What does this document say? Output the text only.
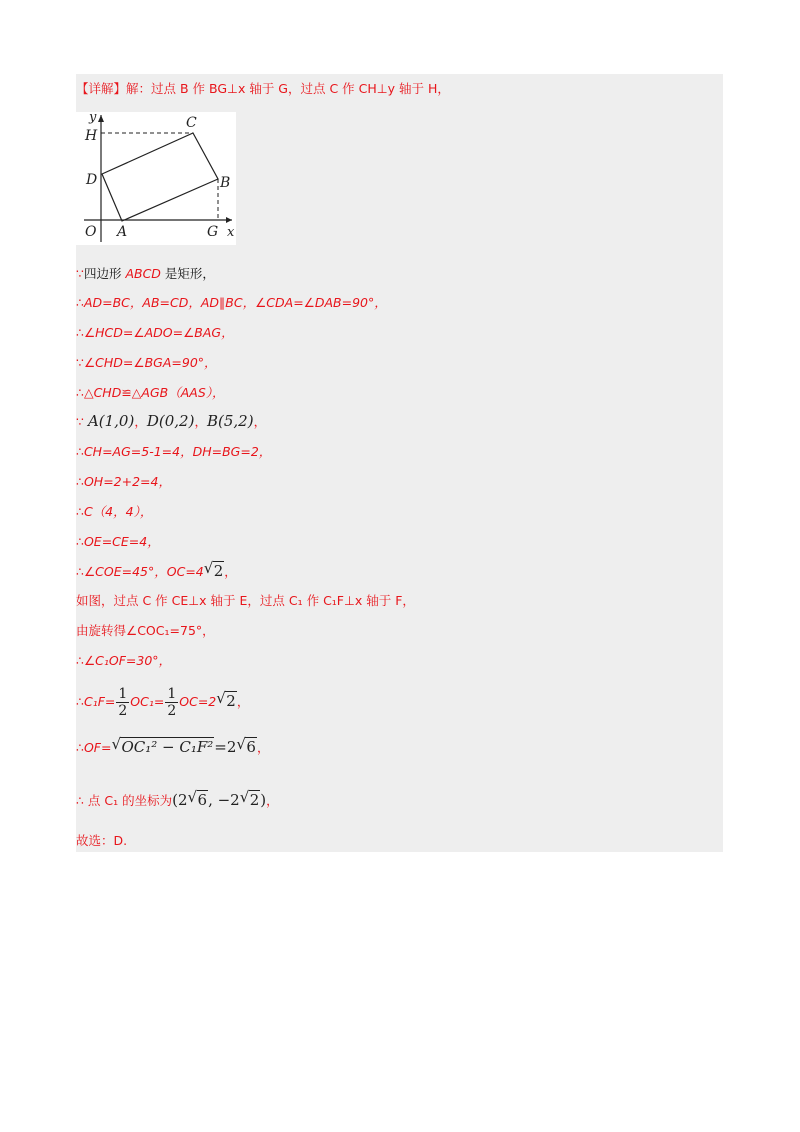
【详解】解：过点 B 作 BG⊥x 轴于 G，过点 C 作 CH⊥y 轴于 H，
y
x
O A	G
H
C
D	B
∵四边形 ABCD 是矩形，
∴AD=BC，AB=CD，AD∥BC，∠CDA=∠DAB=90°，
∴∠HCD=∠ADO=∠BAG，
∵∠CHD=∠BGA=90°，
∴△CHD≌△AGB（AAS），
∵ A(1,0)，D(0,2)，B(5,2)，
∴CH=AG=5-1=4，DH=BG=2，
∴OH=2+2=4，
∴C（4，4），
∴OE=CE=4，
∴∠COE=45°，OC=4 √ 2，
如图，过点 C 作 CE⊥x 轴于 E，过点 C₁ 作 C₁F⊥x 轴于 F，
由旋转得∠COC₁=75°，
∴∠C₁OF=30°，
∴C₁F= $\frac{1}{2} OC_1= \frac{1}{2} OC=2$ √ 2，
∴OF= √ OC₁² − C₁F²=2 √ 6，
∴ 点 C₁ 的坐标为(2 √ 6, −2 √ 2)，
故选：D.
